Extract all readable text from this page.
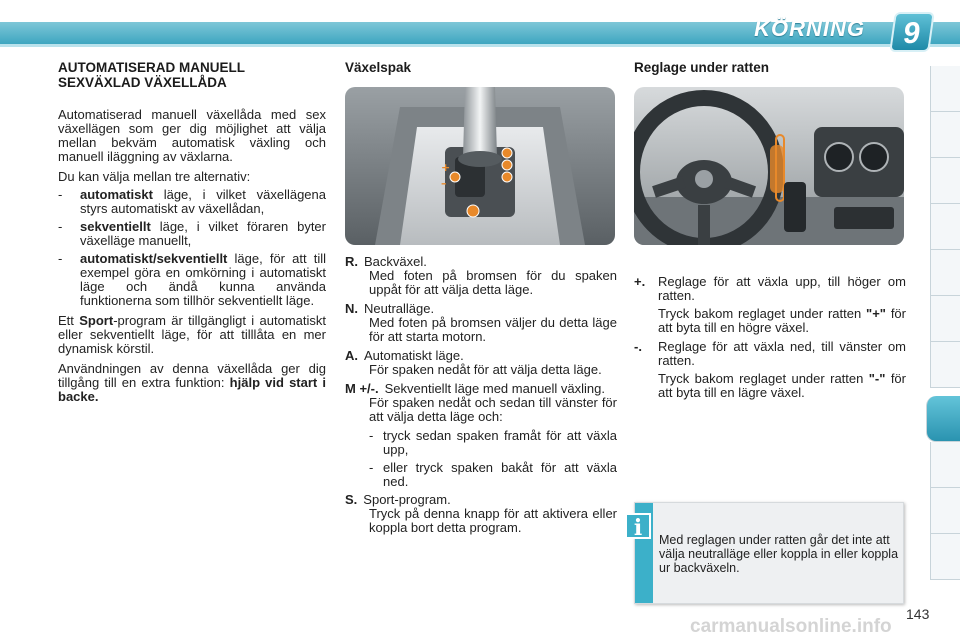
KÖRNING	9
AUTOMATISERAD MANUELL SEXVÄXLAD VÄXELLÅDA

Automatiserad manuell växellåda med sex växellägen som ger dig möjlighet att välja mellan bekväm automatisk växling och manuell iläggning av växlarna.

Du kan välja mellan tre alternativ:

-	automatiskt läge, i vilket växellägena styrs automatiskt av växellådan,
-	sekventiellt läge, i vilket föraren byter växelläge manuellt,
-	automatiskt/sekventiellt läge, för att till exempel göra en omkörning i automatiskt läge och ändå kunna använda funktionerna som tillhör sekventiellt läge.

Ett Sport-program är tillgängligt i automatiskt eller sekventiellt läge, för att tilllåta en mer dynamisk körstil.

Användningen av denna växellåda ger dig tillgång till en extra funktion: hjälp vid start i backe.

Växelspak
+
–
R. Backväxel.
Med foten på bromsen för du spaken uppåt för att välja detta läge.
N. Neutralläge.
Med foten på bromsen väljer du detta läge för att starta motorn.
A. Automatiskt läge.
För spaken nedåt för att välja detta läge.
M +/-. Sekventiellt läge med manuell växling.
För spaken nedåt och sedan till vänster för att välja detta läge och:
- tryck sedan spaken framåt för att växla upp,
- eller tryck spaken bakåt för att växla ned.
S. Sport-program.
Tryck på denna knapp för att aktivera eller koppla bort detta program.
Reglage under ratten
+. Reglage för att växla upp, till höger om ratten.
Tryck bakom reglaget under ratten "+" för att byta till en högre växel.
-.	Reglage för att växla ned, till vänster om ratten.
Tryck bakom reglaget under ratten "-" för att byta till en lägre växel.
i	Med reglagen under ratten går det inte att välja neutralläge eller koppla in eller koppla ur backväxeln.
143
carmanualsonline.info
